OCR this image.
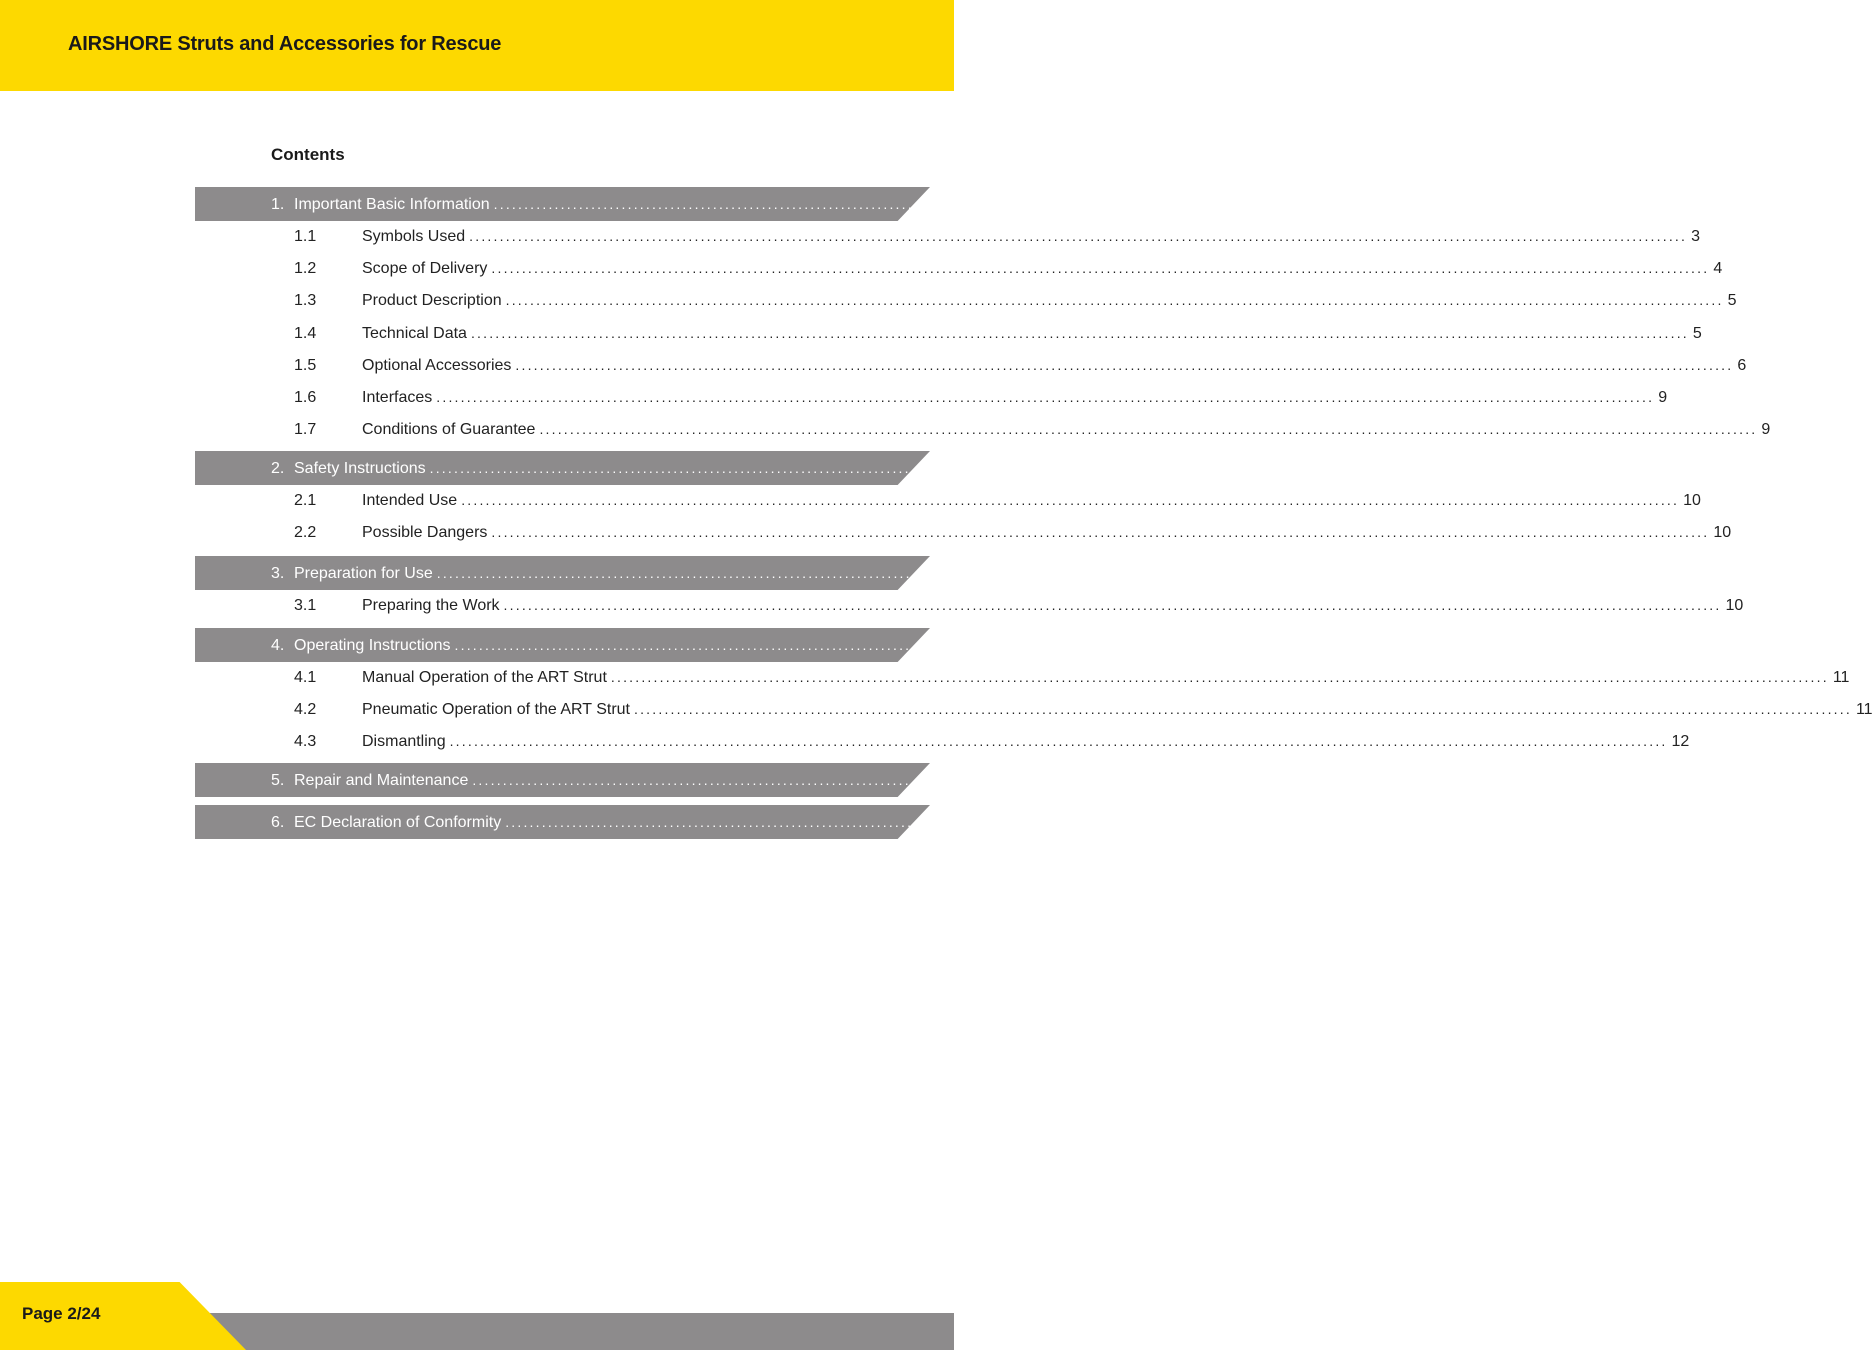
AIRSHORE Struts and Accessories for Rescue
Contents
1. Important Basic Information ........................................................................................................................................................................................................ 3
1.1	Symbols Used ........................................................................................................................................................................................................ 3
1.2	Scope of Delivery ........................................................................................................................................................................................................ 4
1.3	Product Description ........................................................................................................................................................................................................ 5
1.4	Technical Data ........................................................................................................................................................................................................ 5
1.5	Optional Accessories ........................................................................................................................................................................................................ 6
1.6	Interfaces ........................................................................................................................................................................................................ 9
1.7	Conditions of Guarantee ........................................................................................................................................................................................................ 9
2. Safety Instructions ........................................................................................................................................................................................................ 9
2.1	Intended Use ........................................................................................................................................................................................................ 10
2.2	Possible Dangers ........................................................................................................................................................................................................ 10
3. Preparation for Use ........................................................................................................................................................................................................ 10
3.1	Preparing the Work ........................................................................................................................................................................................................ 10
4. Operating Instructions ........................................................................................................................................................................................................ 11
4.1	Manual Operation of the ART Strut ........................................................................................................................................................................................................ 11
4.2	Pneumatic Operation of the ART Strut ........................................................................................................................................................................................................ 11
4.3	Dismantling ........................................................................................................................................................................................................ 12
5. Repair and Maintenance ........................................................................................................................................................................................................ 22
6. EC Declaration of Conformity ........................................................................................................................................................................................................ 23
Page 2/24
